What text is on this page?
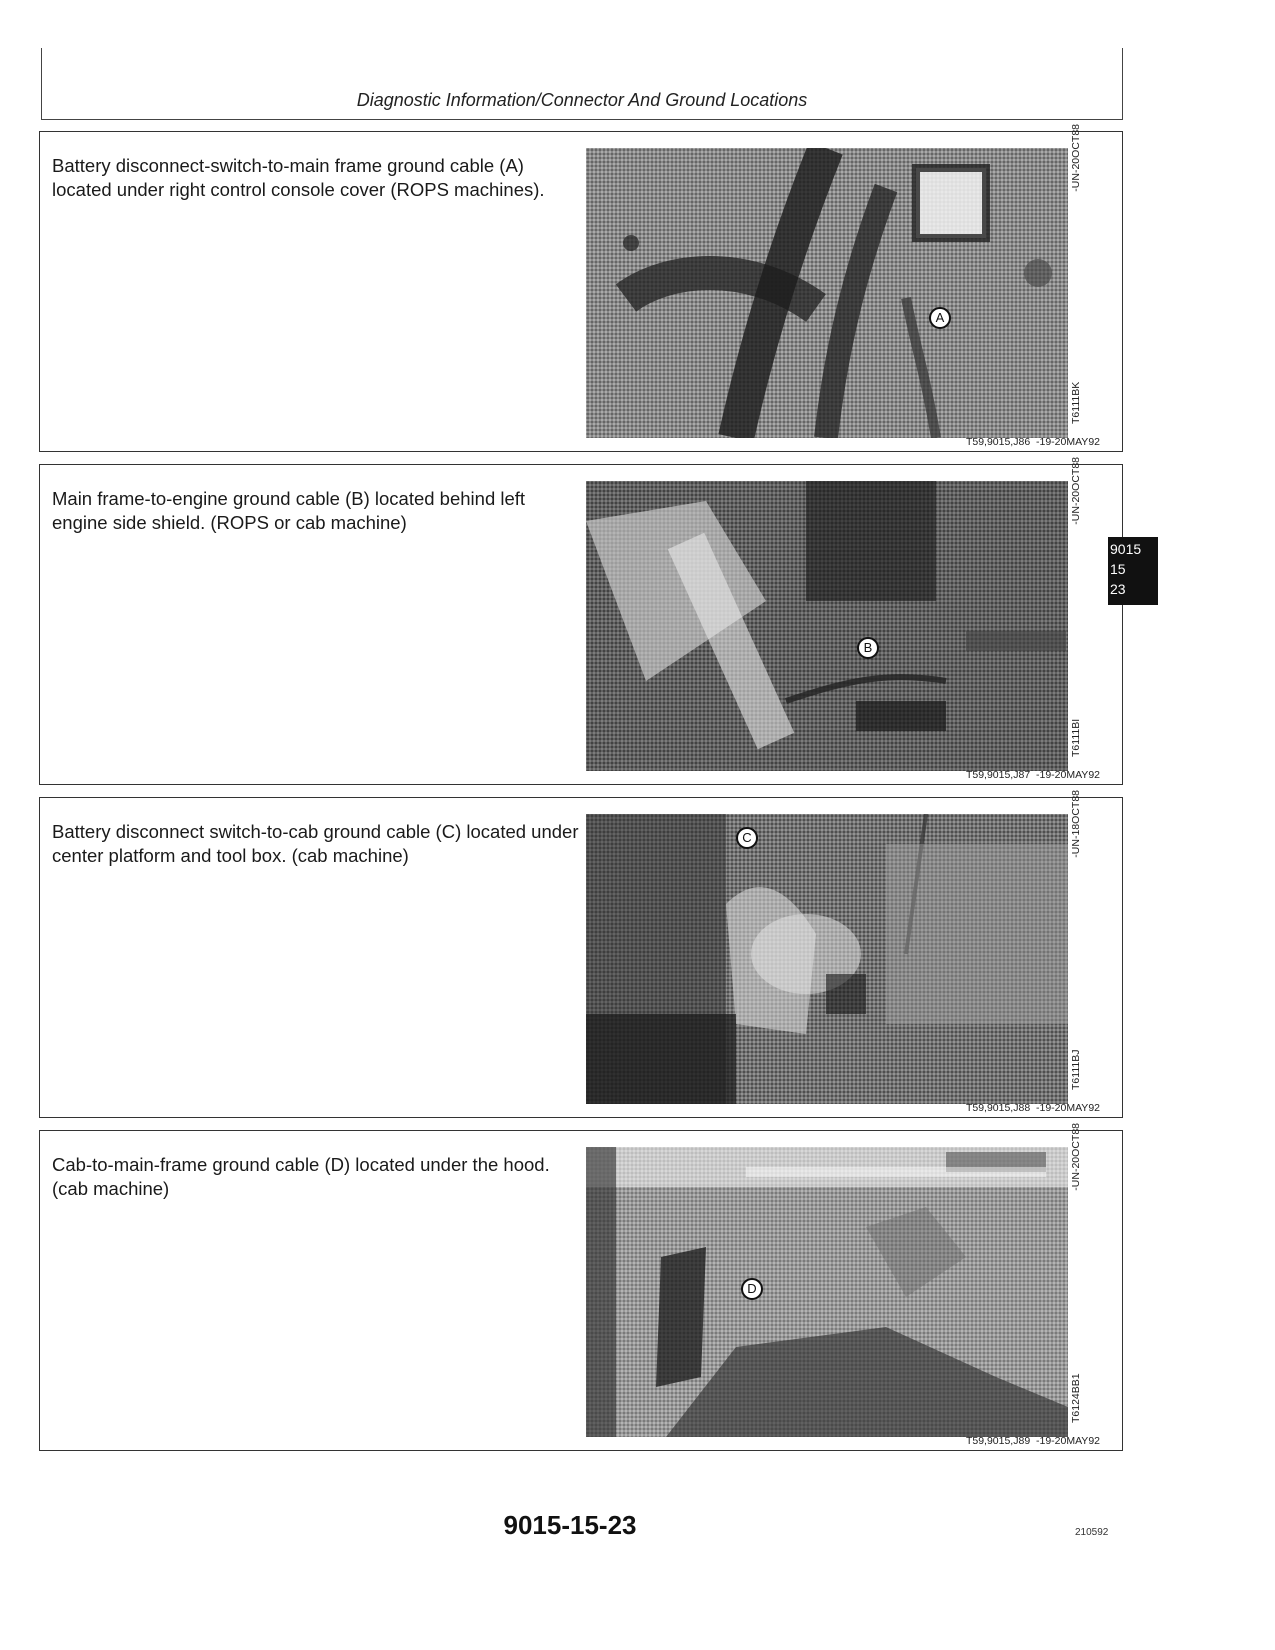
Diagnostic Information/Connector And Ground Locations
Battery disconnect-switch-to-main frame ground cable (A) located under right control console cover (ROPS machines).
A
T6111BK
-UN-20OCT88
T59,9015,J86  -19-20MAY92
Main frame-to-engine ground cable (B) located behind left engine side shield. (ROPS or cab machine)
B
T6111BI
-UN-20OCT88
T59,9015,J87  -19-20MAY92
Battery disconnect switch-to-cab ground cable (C) located under center platform and tool box. (cab machine)
C
T6111BJ
-UN-18OCT88
T59,9015,J88  -19-20MAY92
Cab-to-main-frame ground cable (D) located under the hood. (cab machine)
D
T6124BB1
-UN-20OCT88
T59,9015,J89  -19-20MAY92
9015
15
23
9015-15-23	210592
